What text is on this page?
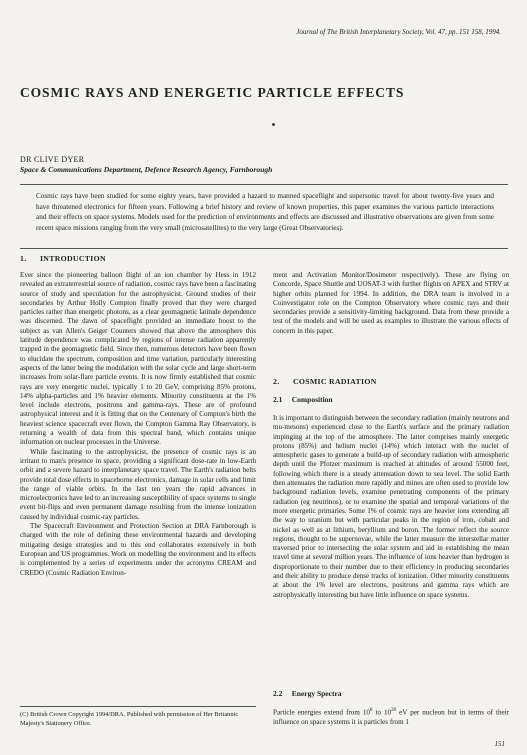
Journal of The British Interplanetary Society, Vol. 47, pp. 151 158, 1994.
COSMIC RAYS AND ENERGETIC PARTICLE EFFECTS
DR CLIVE DYER
Space & Communications Department, Defence Research Agency, Farnborough
Cosmic rays have been studied for some eighty years, have provided a hazard to manned spaceflight and supersonic travel for about twenty-five years and have threatened electronics for fifteen years. Following a brief history and review of known properties, this paper examines the various particle interactions and their effects on space systems. Models used for the prediction of environments and effects are discussed and illustrative observations are given from some recent space missions ranging from the very small (microsatellites) to the very large (Great Observatories).
1.      INTRODUCTION

Ever since the pioneering balloon flight of an ion chamber by Hess in 1912 revealed an extraterrestrial source of radiation, cosmic rays have been a fascinating source of study and speculation for the astrophysicist. Ground studies of their secondaries by Arthur Holly Compton finally proved that they were charged particles rather than energetic photons, as a clear geomagnetic latitude dependence was discerned. The dawn of spaceflight provided an immediate boost to the subject as van Allen's Geiger Counters showed that above the atmosphere this latitude dependence was complicated by regions of intense radiation apparently trapped in the geomagnetic field. Since then, numerous detectors have been flown to elucidate the spectrum, composition and time variation, particularly interesting aspects of the latter being the modulation with the solar cycle and large short-term increases from solar-flare particle events. It is now firmly established that cosmic rays are very energetic nuclei, typically 1 to 20 GeV, comprising 85% protons, 14% alpha-particles and 1% heavier elements. Minority constituents at the 1% level include electrons, positrons and gamma-rays. These are of profound astrophysical interest and it is fitting that on the Centenary of Compton's birth the heaviest science spacecraft ever flown, the Compton Gamma Ray Observatory, is returning a wealth of data from this spectral band, which contains unique information on nuclear processes in the Universe.

While fascinating to the astrophysicist, the presence of cosmic rays is an irritant to man's presence in space, providing a significant dose-rate in low-Earth orbit and a severe hazard to interplanetary space travel. The Earth's radiation belts provide total dose effects in spaceborne electronics, damage in solar cells and limit the range of viable orbits. In the last ten years the rapid advances in microelectronics have led to an increasing susceptibility of space systems to single event bit-flips and even permanent damage resulting from the intense ionization caused by individual cosmic-ray particles.

The Spacecraft Environment and Protection Section at DRA Farnborough is charged with the role of defining these environmental hazards and developing mitigating design strategies and to this end collaborates extensively in both European and US programmes. Work on modelling the environment and its effects is complemented by a series of experiments under the acronyms CREAM and CREDO (Cosmic Radiation Environ-

ment and Activation Monitor/Dosimeter respectively). These are flying on Concorde, Space Shuttle and UOSAT-3 with further flights on APEX and STRV at higher orbits planned for 1994. In addition, the DRA team is involved in a Coinvestigator role on the Compton Observatory where cosmic rays and their secondaries provide a sensitivity-limiting background. Data from these provide a test of the models and will be used as examples to illustrate the various effects of concern in this paper.

2.      COSMIC RADIATION
2.1     Composition

It is important to distinguish between the secondary radiation (mainly neutrons and mu-mesons) experienced close to the Earth's surface and the primary radiation impinging at the top of the atmosphere. The latter comprises mainly energetic protons (85%) and helium nuclei (14%) which interact with the nuclei of atmospheric gases to generate a build-up of secondary radiation with atmospheric depth until the Pfotzer maximum is reached at altitudes of around 55000 feet, following which there is a steady attenuation down to sea level. The solid Earth then attenuates the radiation more rapidly and mines are often used to provide low background radiation levels, examine penetrating components of the primary radiation (eg neutrinos), or to examine the spatial and temporal variations of the more energetic primaries. Some 1% of cosmic rays are heavier ions extending all the way to uranium but with particular peaks in the region of iron, cobalt and nickel as well as at lithium, beryllium and boron. The former reflect the source regions, thought to be supernovae, while the latter measure the interstellar matter traversed prior to intersecting the solar system and aid in establishing the mean travel time at several million years. The influence of ions heavier than hydrogen is disproportionate to their number due to their efficiency in producing secondaries and their ability to produce dense tracks of ionization. Other minority constituents at about the 1% level are electrons, positrons and gamma rays which are astrophysically interesting but have little influence on space systems.

2.2     Energy Spectra

Particle energies extend from $10^8$ to $10^{20}$ eV per nucleon but in terms of their influence on space systems it is particles from 1

(C) British Crown Copyright 1994/DRA. Published with permission of Her Britannic Majesty's Stationery Office.
151
